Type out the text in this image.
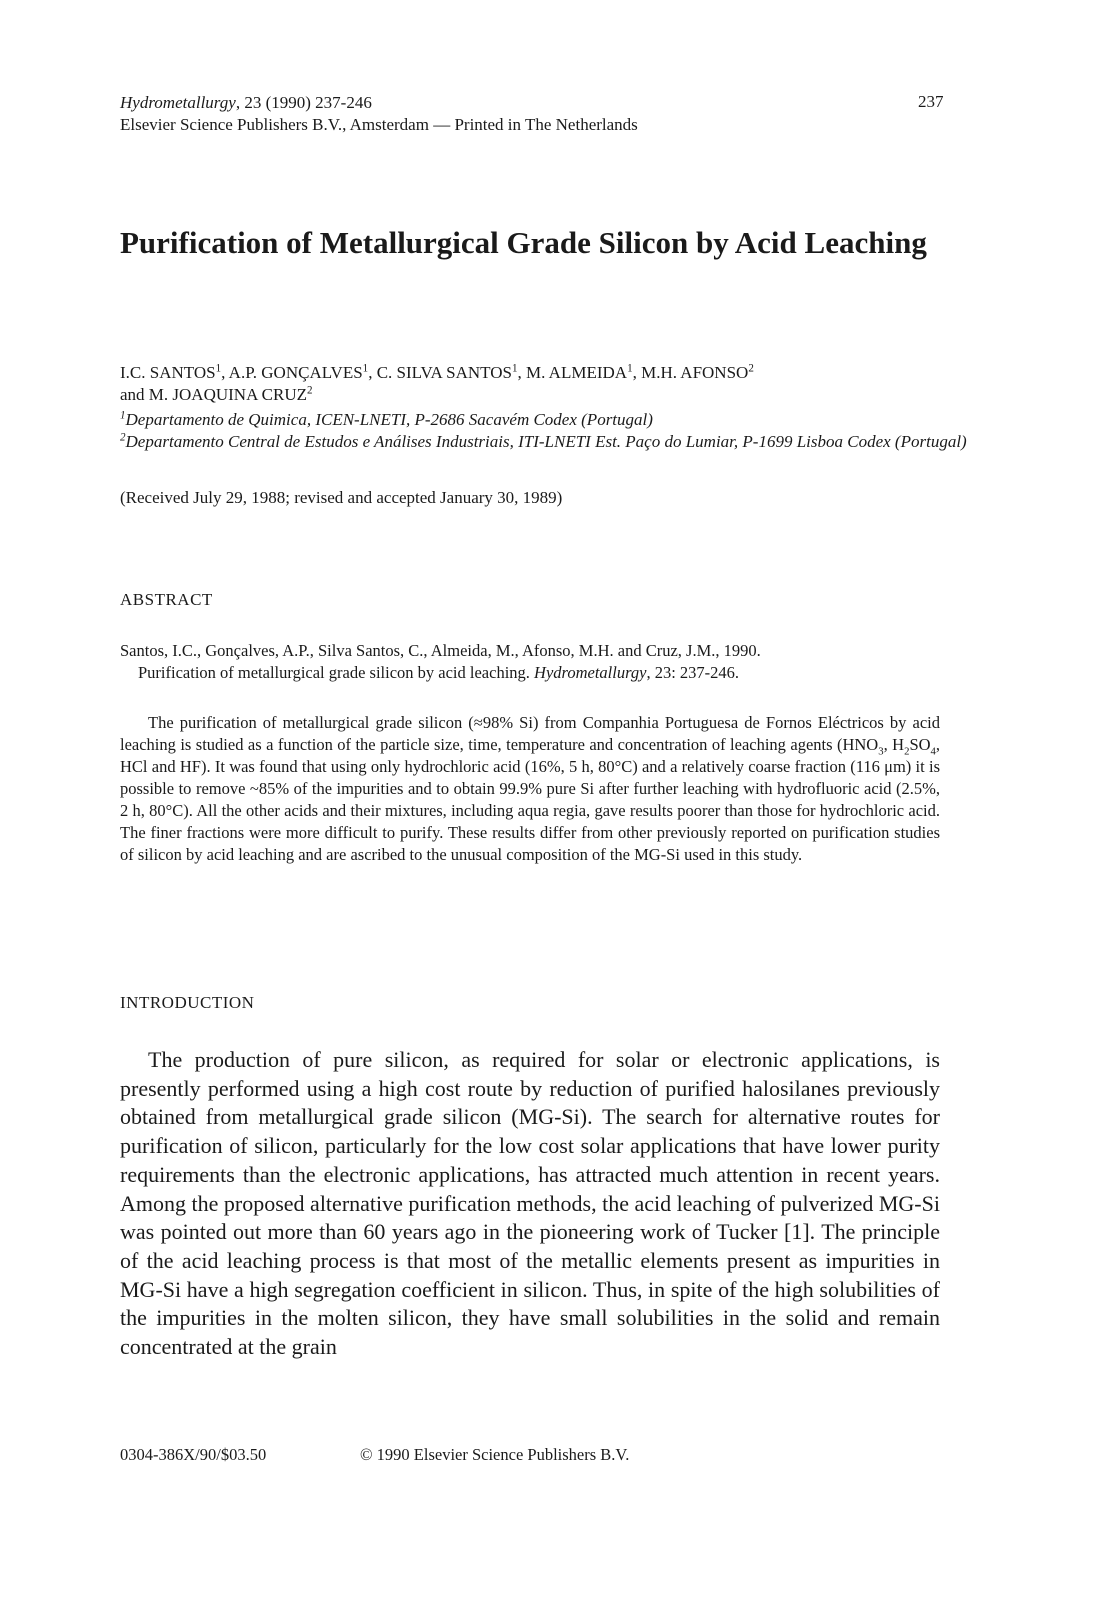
Hydrometallurgy, 23 (1990) 237-246
Elsevier Science Publishers B.V., Amsterdam — Printed in The Netherlands
237
Purification of Metallurgical Grade Silicon by Acid Leaching
I.C. SANTOS$^1$, A.P. GONÇALVES$^1$, C. SILVA SANTOS$^1$, M. ALMEIDA$^1$, M.H. AFONSO$^2$
and M. JOAQUINA CRUZ$^2$
$^1$Departamento de Quimica, ICEN-LNETI, P-2686 Sacavém Codex (Portugal)
$^2$Departamento Central de Estudos e Análises Industriais, ITI-LNETI Est. Paço do Lumiar, P-1699 Lisboa Codex (Portugal)
(Received July 29, 1988; revised and accepted January 30, 1989)
ABSTRACT
Santos, I.C., Gonçalves, A.P., Silva Santos, C., Almeida, M., Afonso, M.H. and Cruz, J.M., 1990.
Purification of metallurgical grade silicon by acid leaching. Hydrometallurgy, 23: 237-246.
The purification of metallurgical grade silicon (≈98% Si) from Companhia Portuguesa de Fornos Eléctricos by acid leaching is studied as a function of the particle size, time, temperature and concentration of leaching agents ($HNO_3$, $H_2SO_4$, HCl and HF). It was found that using only hydrochloric acid (16%, 5 h, 80°C) and a relatively coarse fraction (116 μm) it is possible to remove ~85% of the impurities and to obtain 99.9% pure Si after further leaching with hydrofluoric acid (2.5%, 2 h, 80°C). All the other acids and their mixtures, including aqua regia, gave results poorer than those for hydrochloric acid. The finer fractions were more difficult to purify. These results differ from other previously reported on purification studies of silicon by acid leaching and are ascribed to the unusual composition of the MG-Si used in this study.
INTRODUCTION
The production of pure silicon, as required for solar or electronic applications, is presently performed using a high cost route by reduction of purified halosilanes previously obtained from metallurgical grade silicon (MG-Si). The search for alternative routes for purification of silicon, particularly for the low cost solar applications that have lower purity requirements than the electronic applications, has attracted much attention in recent years. Among the proposed alternative purification methods, the acid leaching of pulverized MG-Si was pointed out more than 60 years ago in the pioneering work of Tucker [1]. The principle of the acid leaching process is that most of the metallic elements present as impurities in MG-Si have a high segregation coefficient in silicon. Thus, in spite of the high solubilities of the impurities in the molten silicon, they have small solubilities in the solid and remain concentrated at the grain
0304-386X/90/$03.50	© 1990 Elsevier Science Publishers B.V.
